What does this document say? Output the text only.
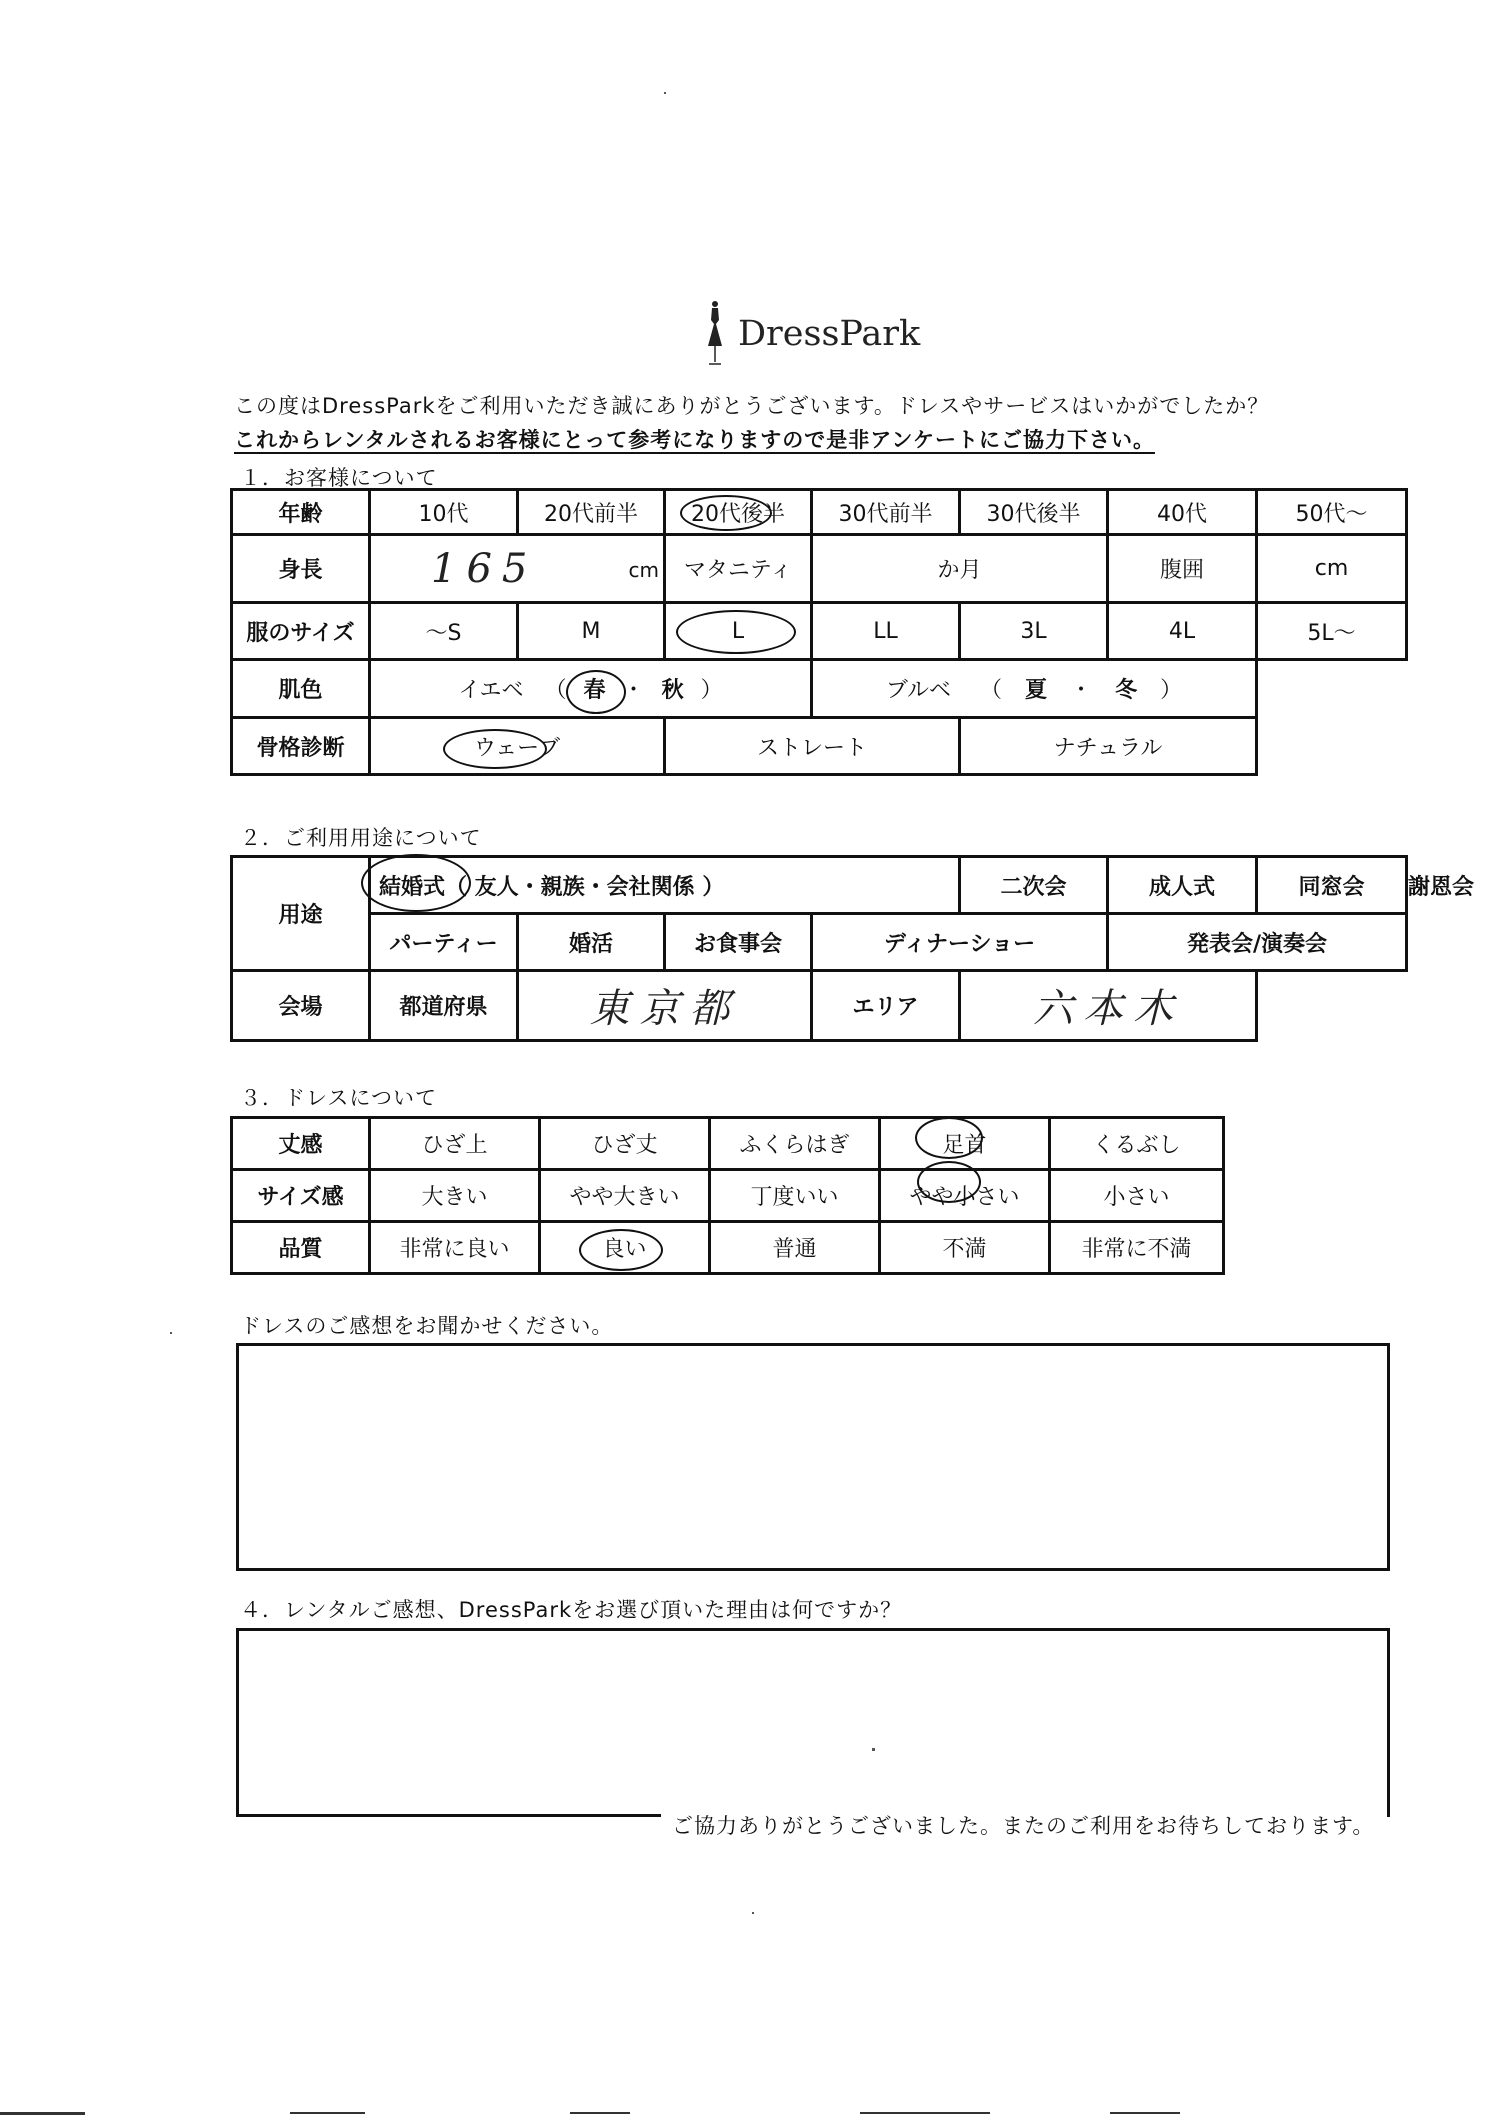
DressPark
この度はDressParkをご利用いただき誠にありがとうございます。ドレスやサービスはいかがでしたか？
これからレンタルされるお客様にとって参考になりますので是非アンケートにご協力下さい。
１．お客様について
年齢	10代	20代前半	20代後半	30代前半	30代後半	40代	50代～
身長	165 cm		マタニティ	か月		腹囲	cm
服のサイズ	～S	M	L	LL	3L	4L	5L～
肌色	イエベ （ 春 ・ 秋 ）			ブルベ （ 夏 ・ 冬 ）			
骨格診断	ウェーブ		ストレート		ナチュラル		
２．ご利用用途について
用途	結婚式（ 友人・親族・会社関係 ）				二次会	成人式	同窓会	謝恩会
	パーティー	婚活	お食事会	ディナーショー		発表会/演奏会		
会場	都道府県	東京都		エリア	六本木			
３．ドレスについて
丈感	ひざ上	ひざ丈	ふくらはぎ	足首	くるぶし
サイズ感	大きい	やや大きい	丁度いい	やや小さい	小さい
品質	非常に良い	良い	普通	不満	非常に不満
ドレスのご感想をお聞かせください。
４．レンタルご感想、DressParkをお選び頂いた理由は何ですか？
ご協力ありがとうございました。またのご利用をお待ちしております。
